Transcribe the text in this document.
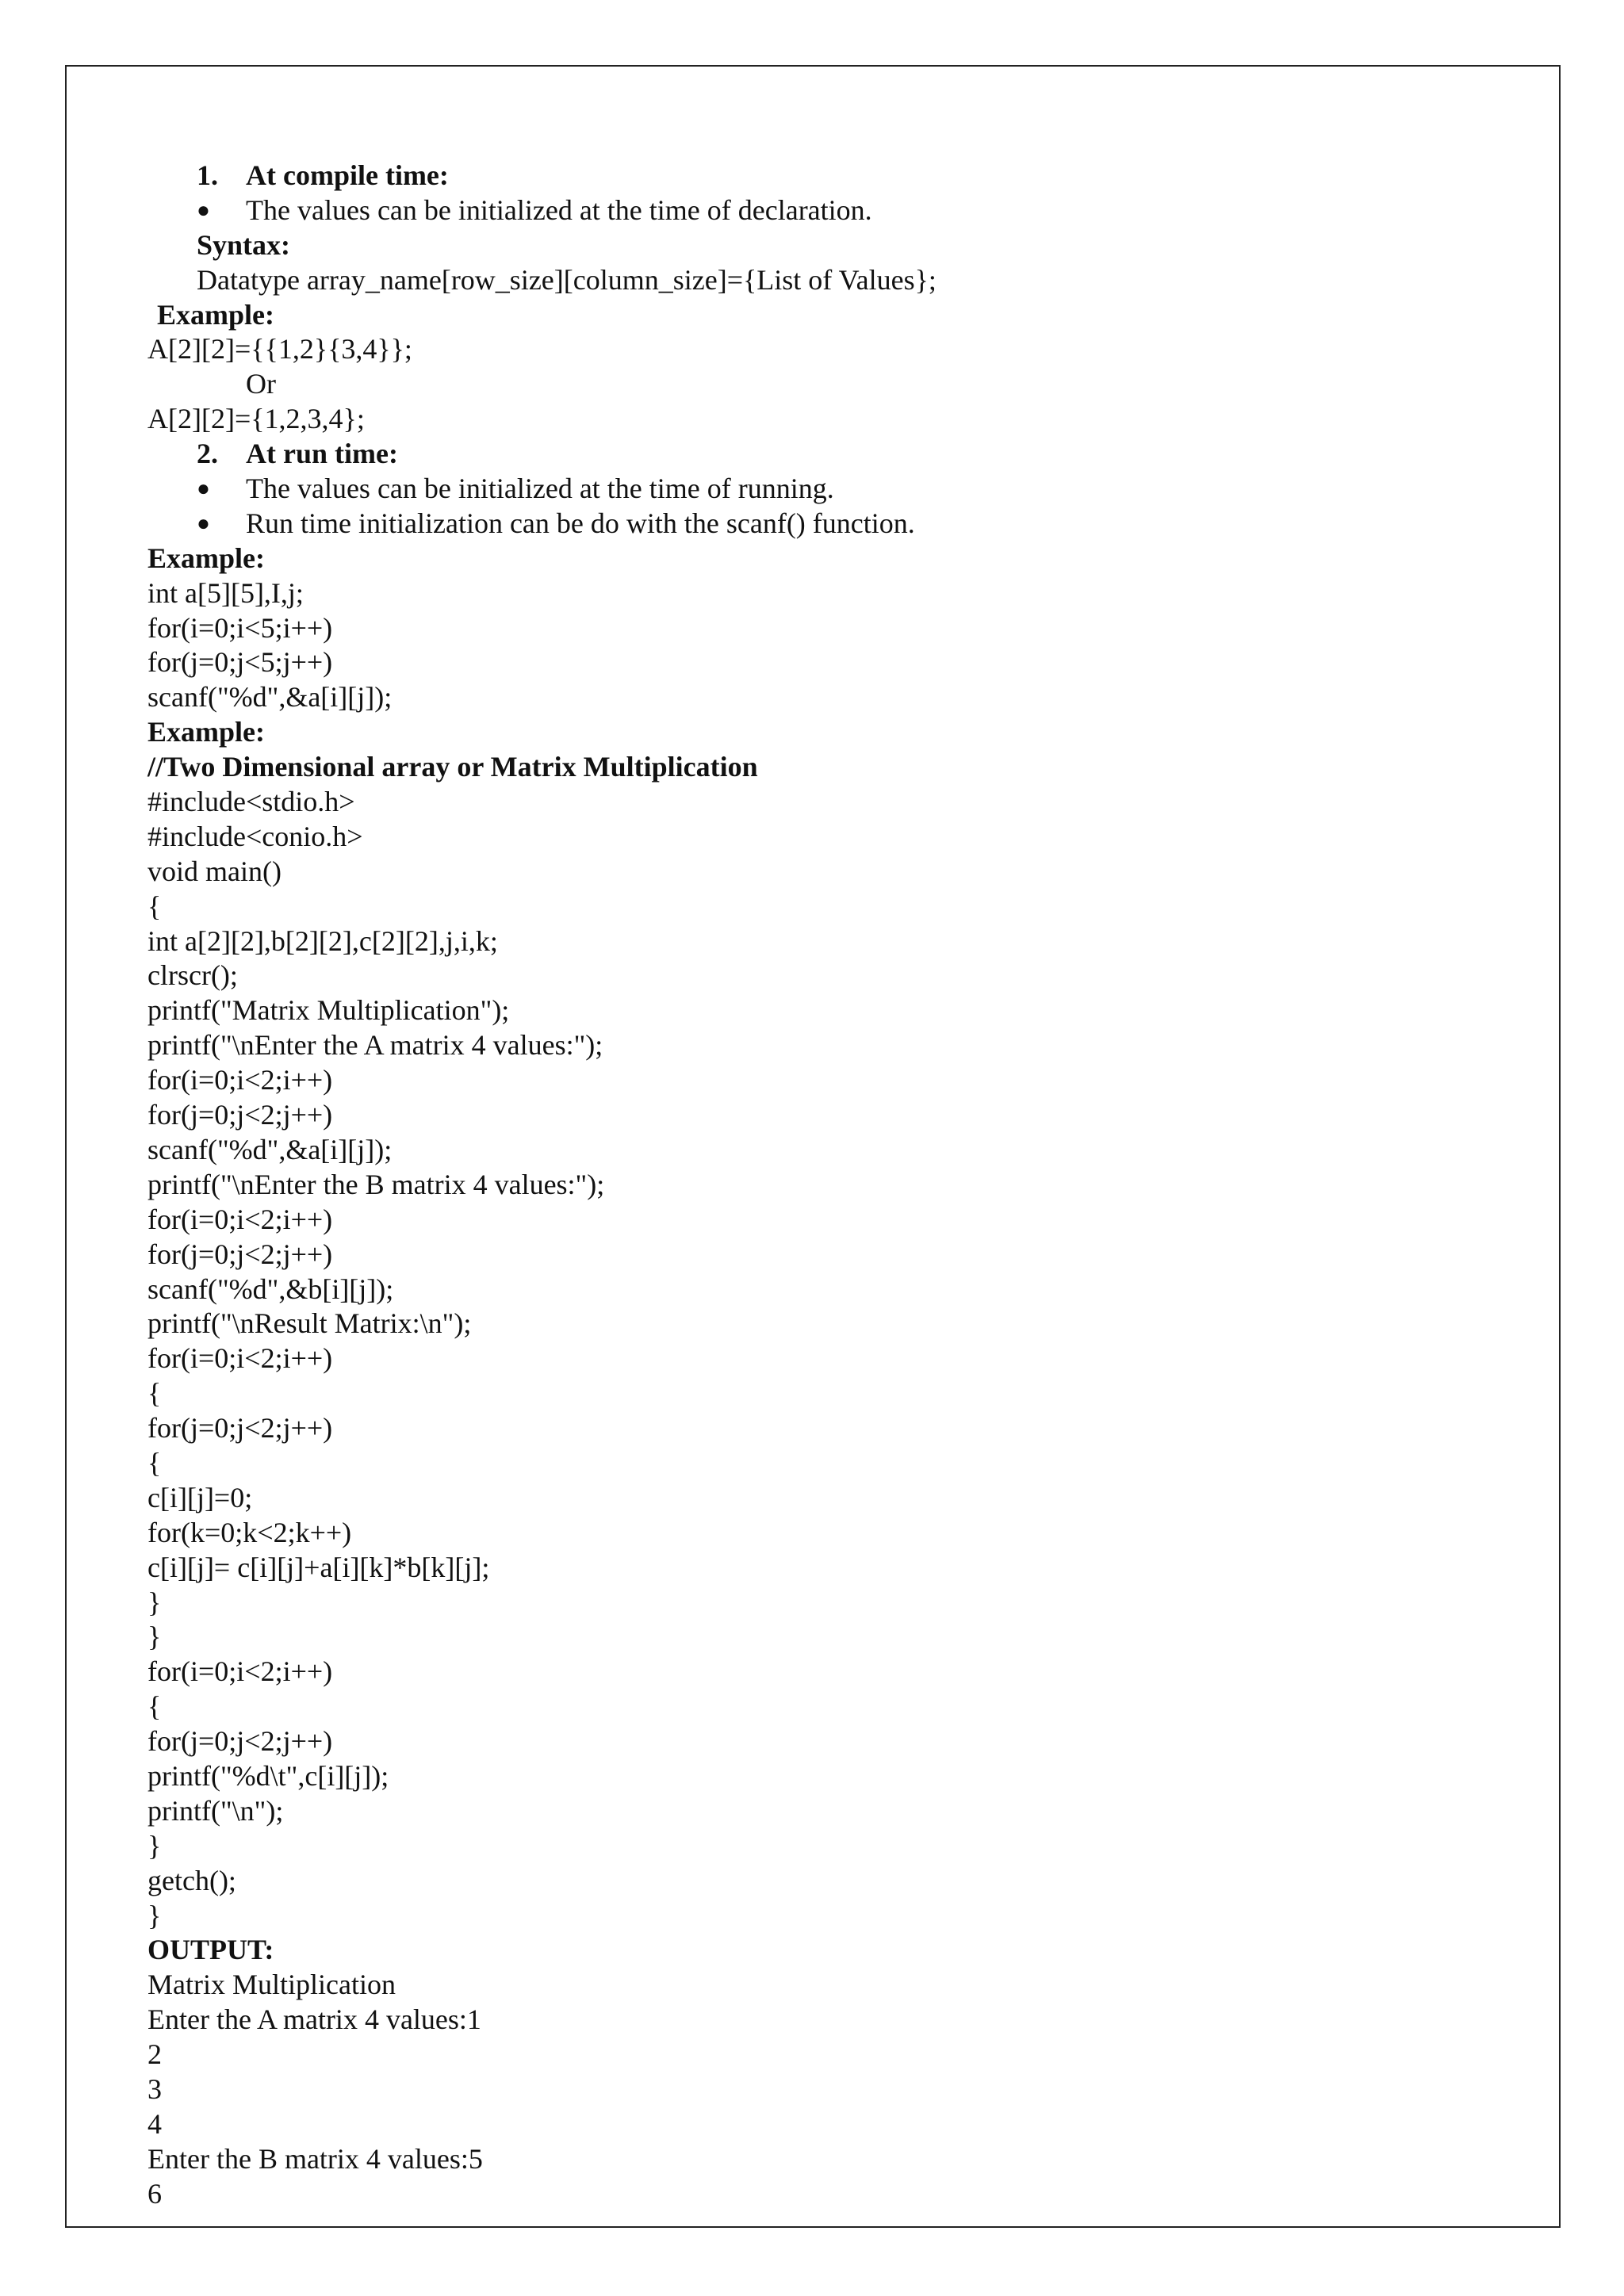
1. At compile time:
● The values can be initialized at the time of declaration.
Syntax:
Datatype array_name[row_size][column_size]={List of Values};
Example:
A[2][2]={{1,2}{3,4}};
Or
A[2][2]={1,2,3,4};
2. At run time:
● The values can be initialized at the time of running.
● Run time initialization can be do with the scanf() function.
Example:
int a[5][5],I,j;
for(i=0;i<5;i++)
for(j=0;j<5;j++)
scanf("%d",&a[i][j]);
Example:
//Two Dimensional array or Matrix Multiplication
#include<stdio.h>
#include<conio.h>
void main()
{
int a[2][2],b[2][2],c[2][2],j,i,k;
clrscr();
printf("Matrix Multiplication");
printf("\nEnter the A matrix 4 values:");
for(i=0;i<2;i++)
for(j=0;j<2;j++)
scanf("%d",&a[i][j]);
printf("\nEnter the B matrix 4 values:");
for(i=0;i<2;i++)
for(j=0;j<2;j++)
scanf("%d",&b[i][j]);
printf("\nResult Matrix:\n");
for(i=0;i<2;i++)
{
for(j=0;j<2;j++)
{
c[i][j]=0;
for(k=0;k<2;k++)
c[i][j]= c[i][j]+a[i][k]*b[k][j];
}
}
for(i=0;i<2;i++)
{
for(j=0;j<2;j++)
printf("%d\t",c[i][j]);
printf("\n");
}
getch();
}
OUTPUT:
Matrix Multiplication
Enter the A matrix 4 values:1
2
3
4
Enter the B matrix 4 values:5
6
